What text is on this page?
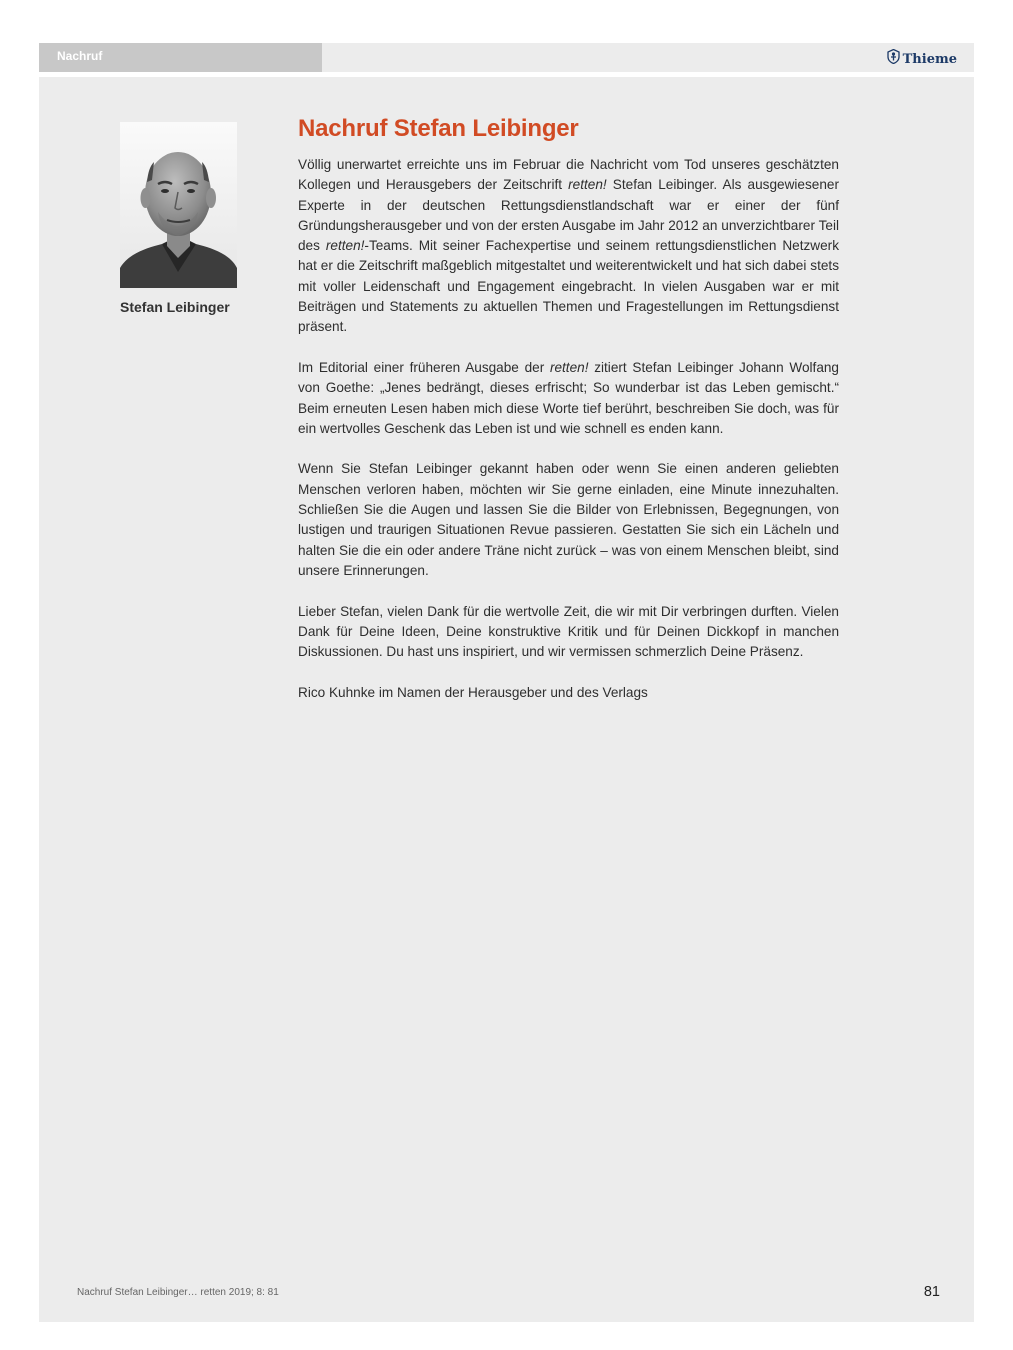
Nachruf	Thieme
Stefan Leibinger
Nachruf Stefan Leibinger

Völlig unerwartet erreichte uns im Februar die Nachricht vom Tod unseres geschätzten Kollegen und Herausgebers der Zeitschrift retten! Stefan Leibinger. Als ausgewiesener Experte in der deutschen Rettungsdienstlandschaft war er einer der fünf Gründungsherausgeber und von der ersten Ausgabe im Jahr 2012 an unverzichtbarer Teil des retten!-Teams. Mit seiner Fachexpertise und seinem rettungsdienstlichen Netzwerk hat er die Zeitschrift maßgeblich mitgestaltet und weiterentwickelt und hat sich dabei stets mit voller Leidenschaft und Engagement eingebracht. In vielen Ausgaben war er mit Beiträgen und Statements zu aktuellen Themen und Fragestellungen im Rettungsdienst präsent.

Im Editorial einer früheren Ausgabe der retten! zitiert Stefan Leibinger Johann Wolfang von Goethe: „Jenes bedrängt, dieses erfrischt; So wunderbar ist das Leben gemischt.“ Beim erneuten Lesen haben mich diese Worte tief berührt, beschreiben Sie doch, was für ein wertvolles Geschenk das Leben ist und wie schnell es enden kann.

Wenn Sie Stefan Leibinger gekannt haben oder wenn Sie einen anderen geliebten Menschen verloren haben, möchten wir Sie gerne einladen, eine Minute innezuhalten. Schließen Sie die Augen und lassen Sie die Bilder von Erlebnissen, Begegnungen, von lustigen und traurigen Situationen Revue passieren. Gestatten Sie sich ein Lächeln und halten Sie die ein oder andere Träne nicht zurück – was von einem Menschen bleibt, sind unsere Erinnerungen.

Lieber Stefan, vielen Dank für die wertvolle Zeit, die wir mit Dir verbringen durften. Vielen Dank für Deine Ideen, Deine konstruktive Kritik und für Deinen Dickkopf in manchen Diskussionen. Du hast uns inspiriert, und wir vermissen schmerzlich Deine Präsenz.

Rico Kuhnke im Namen der Herausgeber und des Verlags

Nachruf Stefan Leibinger… retten 2019; 8: 81	81
